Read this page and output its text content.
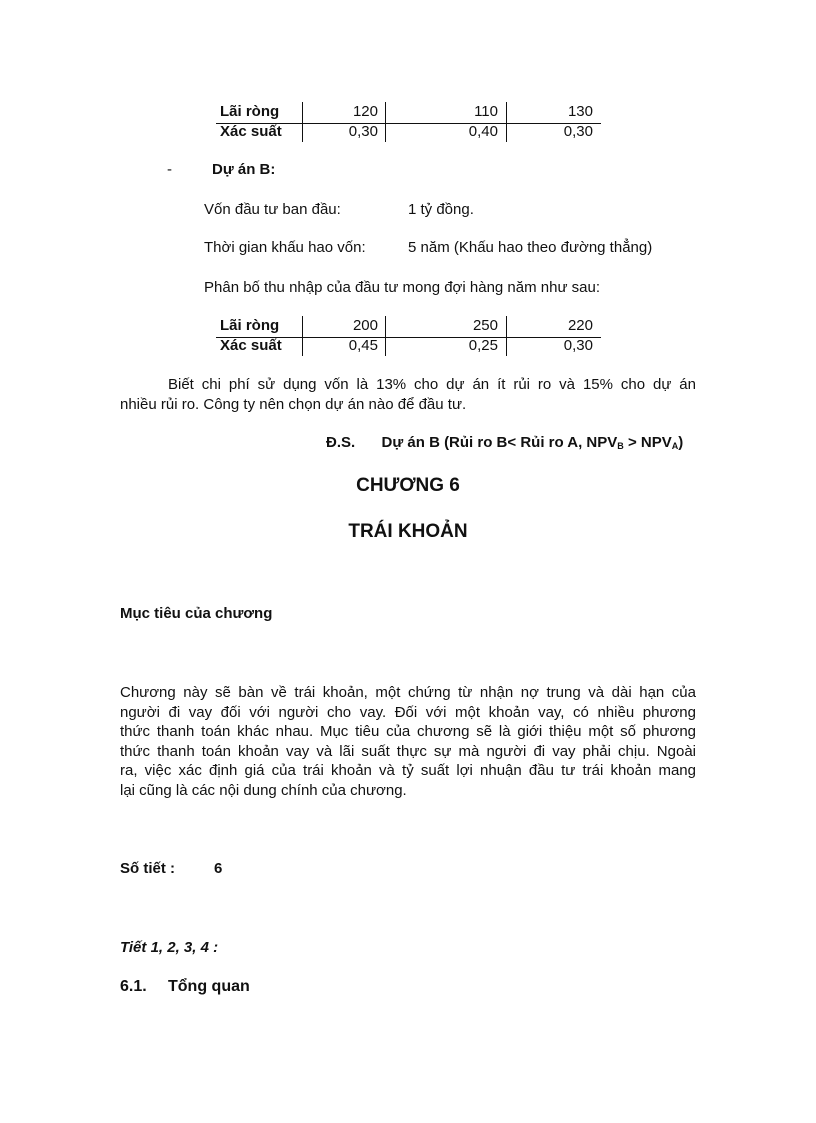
Lãi ròng	120	110	130
Xác suất	0,30	0,40	0,30
-	Dự án B:
Vốn đầu tư ban đầu:	1 tỷ đồng.
Thời gian khấu hao vốn:	5 năm (Khấu hao theo đường thẳng)
Phân bố thu nhập của đầu tư mong đợi hàng năm như sau:
Lãi ròng	200	250	220
Xác suất	0,45	0,25	0,30
Biết chi phí sử dụng vốn là 13% cho dự án ít rủi ro và 15% cho dự án
nhiều rủi ro. Công ty nên chọn dự án nào để đầu tư.
Đ.S. Dự án B (Rủi ro B< Rủi ro A, $NPV_B > NPV_A$)
CHƯƠNG 6
TRÁI KHOẢN
Mục tiêu của chương
Chương này sẽ bàn về trái khoản, một chứng từ nhận nợ trung và dài hạn của
người đi vay đối với người cho vay. Đối với một khoản vay, có nhiều phương
thức thanh toán khác nhau. Mục tiêu của chương sẽ là giới thiệu một số phương
thức thanh toán khoản vay và lãi suất thực sự mà người đi vay phải chịu. Ngoài
ra, việc xác định giá của trái khoản và tỷ suất lợi nhuận đầu tư trái khoản mang
lại cũng là các nội dung chính của chương.
Số tiết :	6
Tiết 1, 2, 3, 4 :
6.1. Tổng quan
